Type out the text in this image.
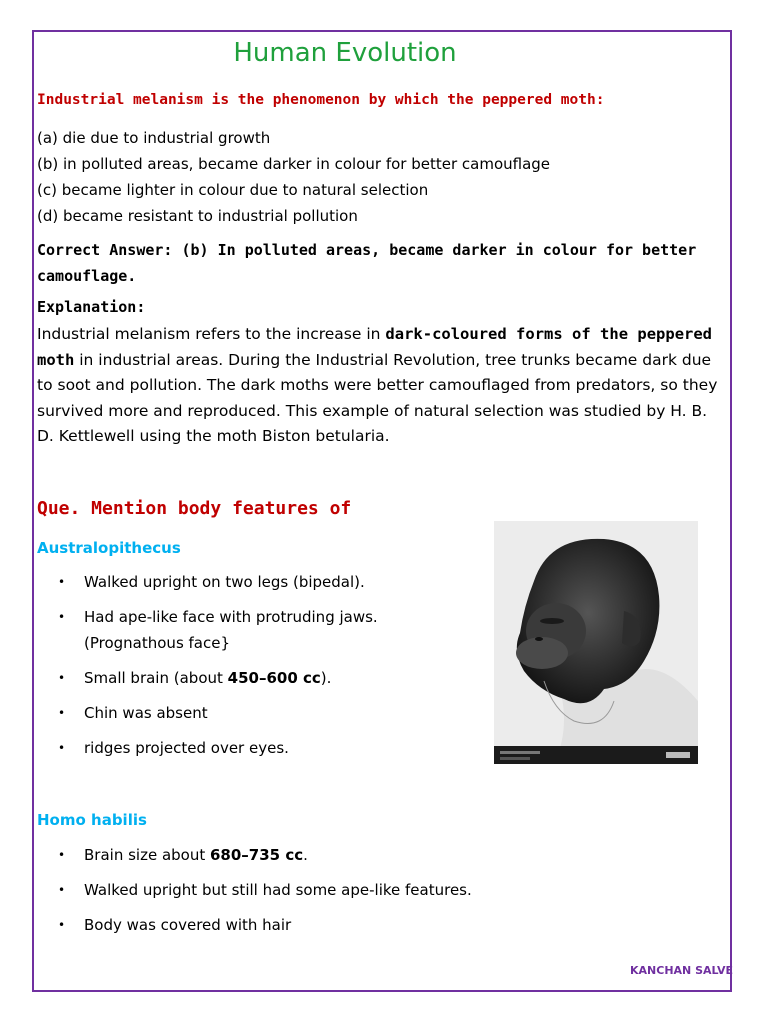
Human Evolution
Industrial melanism is the phenomenon by which the peppered moth:
(a) die due to industrial growth
(b) in polluted areas, became darker in colour for better camouflage
(c) became lighter in colour due to natural selection
(d) became resistant to industrial pollution
Correct Answer: (b) In polluted areas, became darker in colour for better camouflage.
Explanation:
Industrial melanism refers to the increase in dark-coloured forms of the peppered moth in industrial areas. During the Industrial Revolution, tree trunks became dark due to soot and pollution. The dark moths were better camouflaged from predators, so they survived more and reproduced. This example of natural selection was studied by H. B. D. Kettlewell using the moth Biston betularia.
Que. Mention body features of
Australopithecus
• Walked upright on two legs (bipedal).
• Had ape-like face with protruding jaws.
(Prognathous face}
• Small brain (about 450–600 cc).
• Chin was absent
• ridges projected over eyes.
Homo habilis
• Brain size about 680–735 cc.
• Walked upright but still had some ape-like features.
• Body was covered with hair
KANCHAN SALVE
